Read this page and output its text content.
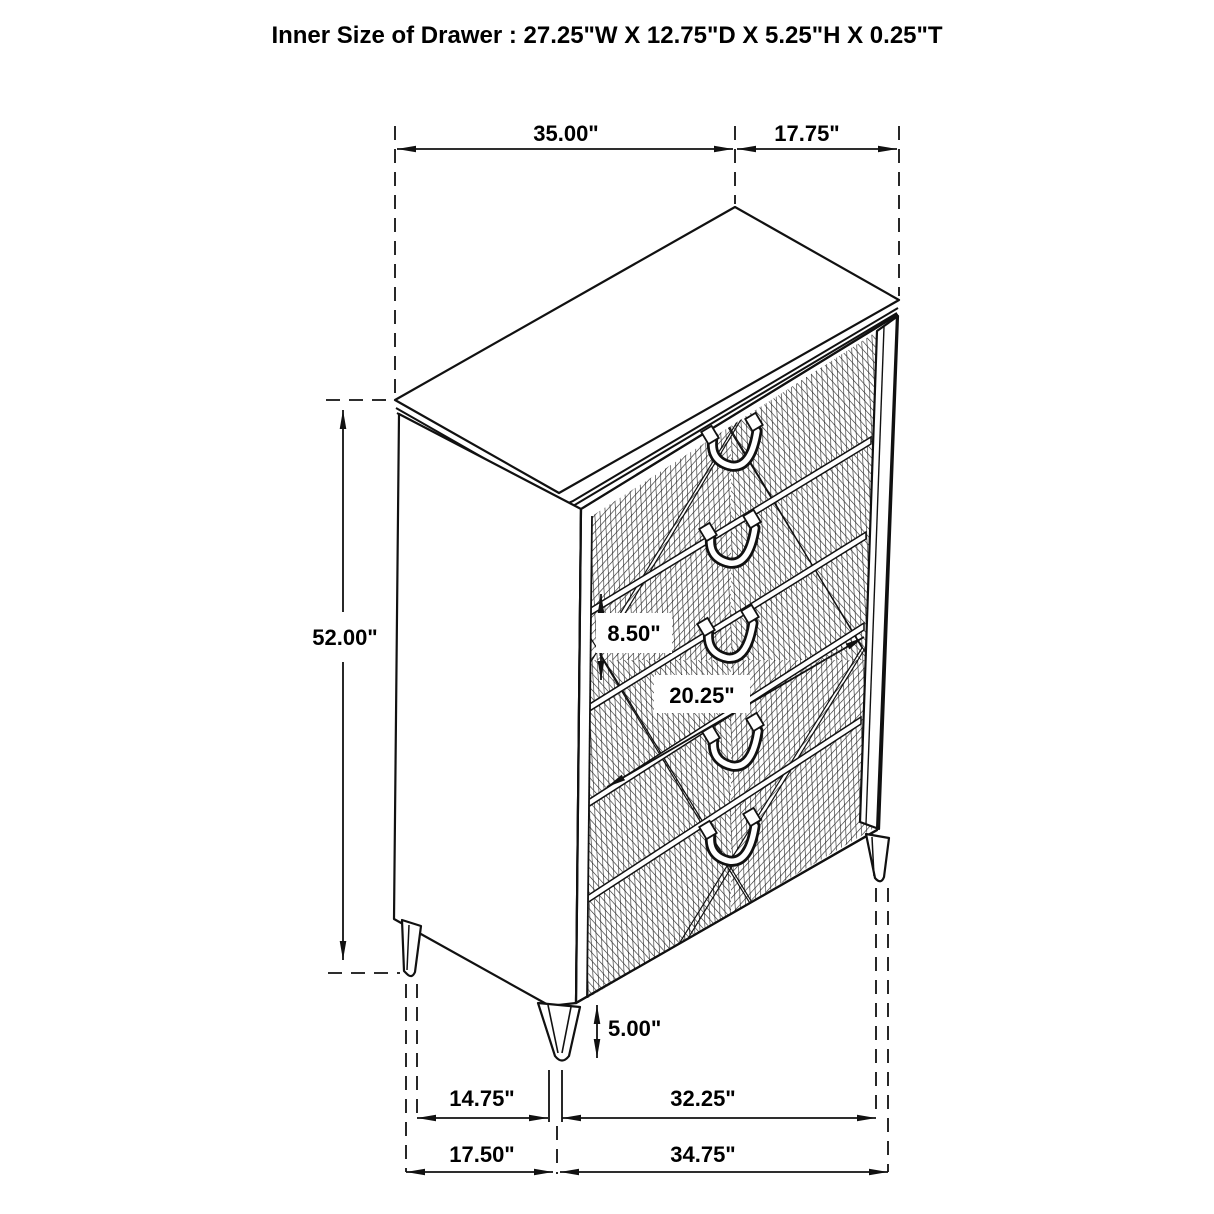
Inner Size of Drawer : 27.25"W X 12.75"D X 5.25"H X 0.25"T
35.00"	17.75"
52.00"	8.50"
20.25"
5.00"
14.75"	32.25"
17.50"	34.75"
